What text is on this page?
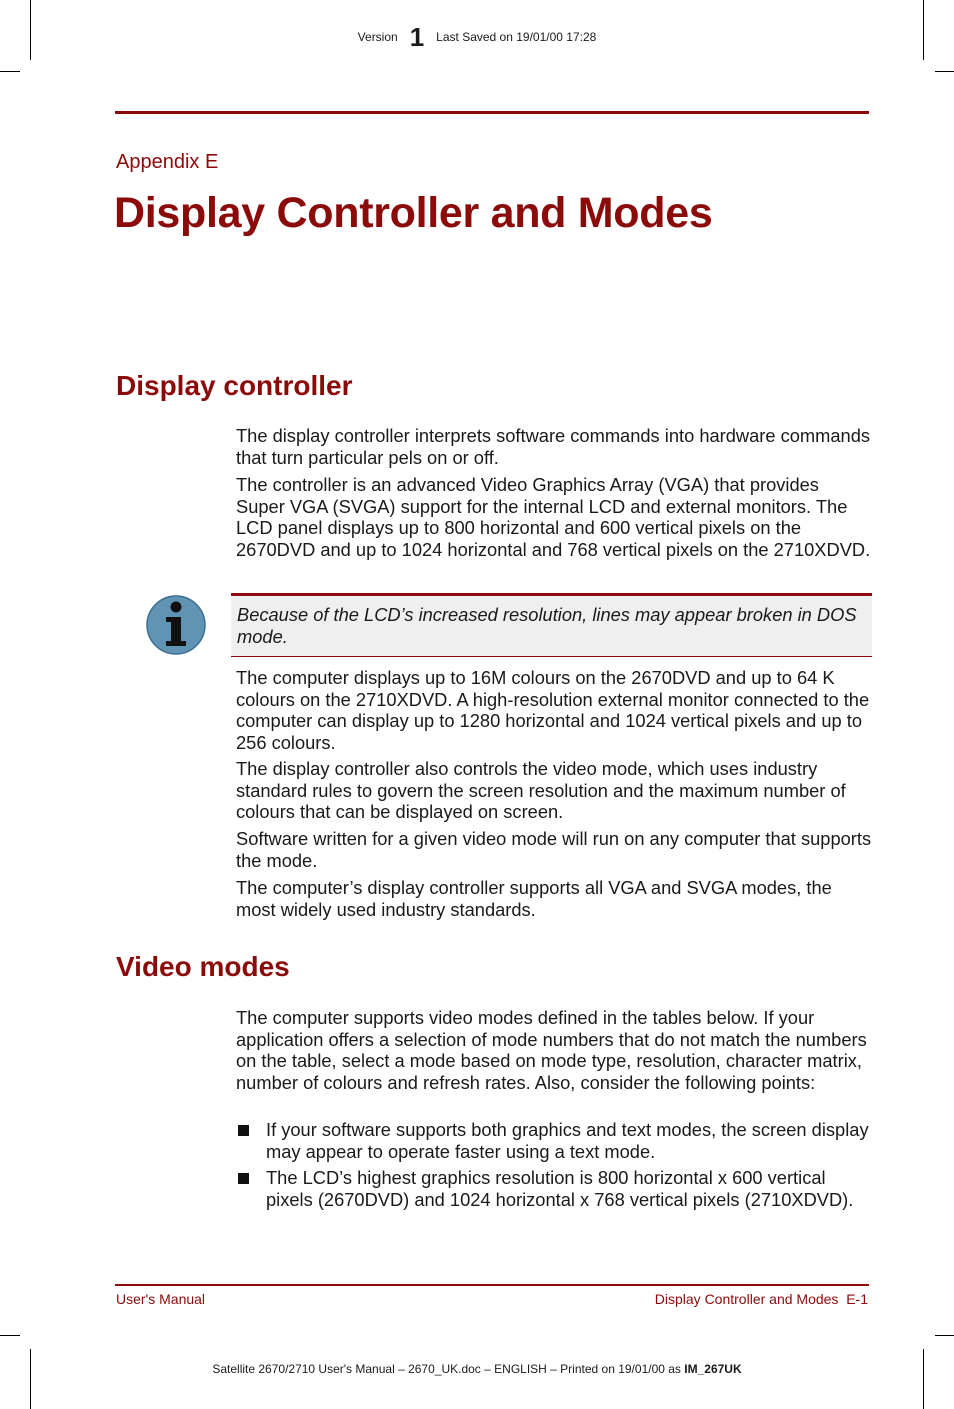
Version 1 Last Saved on 19/01/00 17:28
Appendix E
Display Controller and Modes
Display controller

The display controller interprets software commands into hardware commands that turn particular pels on or off.

The controller is an advanced Video Graphics Array (VGA) that provides Super VGA (SVGA) support for the internal LCD and external monitors. The LCD panel displays up to 800 horizontal and 600 vertical pixels on the 2670DVD and up to 1024 horizontal and 768 vertical pixels on the 2710XDVD.

Because of the LCD’s increased resolution, lines may appear broken in DOS mode.

The computer displays up to 16M colours on the 2670DVD and up to 64 K colours on the 2710XDVD. A high-resolution external monitor connected to the computer can display up to 1280 horizontal and 1024 vertical pixels and up to 256 colours.

The display controller also controls the video mode, which uses industry standard rules to govern the screen resolution and the maximum number of colours that can be displayed on screen.

Software written for a given video mode will run on any computer that supports the mode.

The computer’s display controller supports all VGA and SVGA modes, the most widely used industry standards.

Video modes

The computer supports video modes defined in the tables below. If your application offers a selection of mode numbers that do not match the numbers on the table, select a mode based on mode type, resolution, character matrix, number of colours and refresh rates. Also, consider the following points:

If your software supports both graphics and text modes, the screen display may appear to operate faster using a text mode.
The LCD’s highest graphics resolution is 800 horizontal x 600 vertical pixels (2670DVD) and 1024 horizontal x 768 vertical pixels (2710XDVD).
User's Manual	Display Controller and Modes  E-1
Satellite 2670/2710 User's Manual – 2670_UK.doc – ENGLISH – Printed on 19/01/00 as IM_267UK
